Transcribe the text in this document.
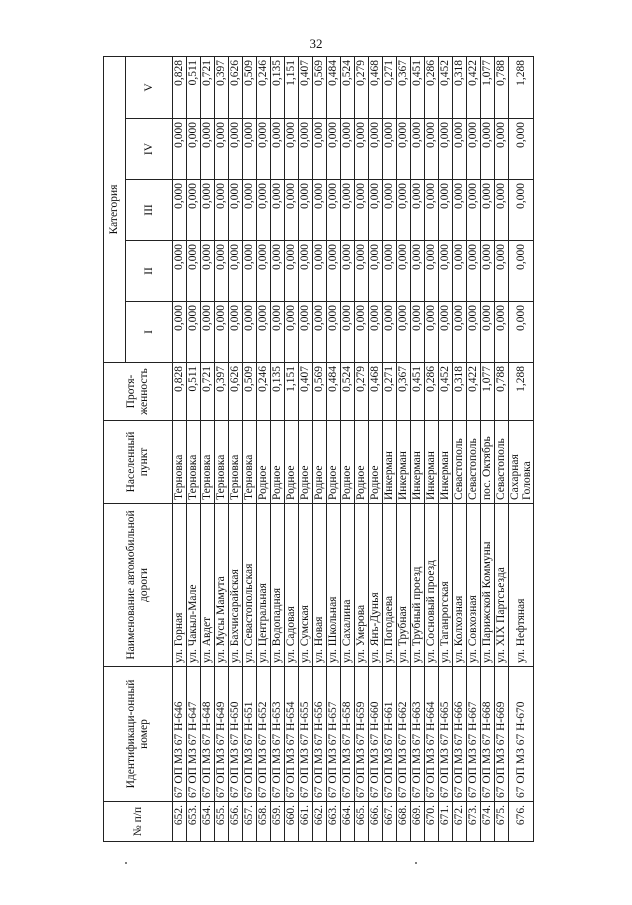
32
№ п/п	Идентификаци-онный номер	Наименование автомобильной дороги	Населенный пункт	Протя-женность	Категория				
					I	II	III	IV	V
652.	67 ОП МЗ 67 Н-646	ул. Горная	Терновка	0,828	0,000	0,000	0,000	0,000	0,828
653.	67 ОП МЗ 67 Н-647	ул. Чакыл-Мале	Терновка	0,511	0,000	0,000	0,000	0,000	0,511
654.	67 ОП МЗ 67 Н-648	ул. Авдет	Терновка	0,721	0,000	0,000	0,000	0,000	0,721
655.	67 ОП МЗ 67 Н-649	ул. Мусы Мамута	Терновка	0,397	0,000	0,000	0,000	0,000	0,397
656.	67 ОП МЗ 67 Н-650	ул. Бахчисарайская	Терновка	0,626	0,000	0,000	0,000	0,000	0,626
657.	67 ОП МЗ 67 Н-651	ул. Севастопольская	Терновка	0,509	0,000	0,000	0,000	0,000	0,509
658.	67 ОП МЗ 67 Н-652	ул. Центральная	Родное	0,246	0,000	0,000	0,000	0,000	0,246
659.	67 ОП МЗ 67 Н-653	ул. Водопадная	Родное	0,135	0,000	0,000	0,000	0,000	0,135
660.	67 ОП МЗ 67 Н-654	ул. Садовая	Родное	1,151	0,000	0,000	0,000	0,000	1,151
661.	67 ОП МЗ 67 Н-655	ул. Сумская	Родное	0,407	0,000	0,000	0,000	0,000	0,407
662.	67 ОП МЗ 67 Н-656	ул. Новая	Родное	0,569	0,000	0,000	0,000	0,000	0,569
663.	67 ОП МЗ 67 Н-657	ул. Школьная	Родное	0,484	0,000	0,000	0,000	0,000	0,484
664.	67 ОП МЗ 67 Н-658	ул. Сахалина	Родное	0,524	0,000	0,000	0,000	0,000	0,524
665.	67 ОП МЗ 67 Н-659	ул. Умерова	Родное	0,279	0,000	0,000	0,000	0,000	0,279
666.	67 ОП МЗ 67 Н-660	ул. Янъ-Дунья	Родное	0,468	0,000	0,000	0,000	0,000	0,468
667.	67 ОП МЗ 67 Н-661	ул. Погодаева	Инкерман	0,271	0,000	0,000	0,000	0,000	0,271
668.	67 ОП МЗ 67 Н-662	ул. Трубная	Инкерман	0,367	0,000	0,000	0,000	0,000	0,367
669.	67 ОП МЗ 67 Н-663	ул. Трубный проезд	Инкерман	0,451	0,000	0,000	0,000	0,000	0,451
670.	67 ОП МЗ 67 Н-664	ул. Сосновый проезд	Инкерман	0,286	0,000	0,000	0,000	0,000	0,286
671.	67 ОП МЗ 67 Н-665	ул. Таганрогская	Инкерман	0,452	0,000	0,000	0,000	0,000	0,452
672.	67 ОП МЗ 67 Н-666	ул. Колхозная	Севастополь	0,318	0,000	0,000	0,000	0,000	0,318
673.	67 ОП МЗ 67 Н-667	ул. Совхозная	Севастополь	0,422	0,000	0,000	0,000	0,000	0,422
674.	67 ОП МЗ 67 Н-668	ул. Парижской Коммуны	пос. Октябрь	1,077	0,000	0,000	0,000	0,000	1,077
675.	67 ОП МЗ 67 Н-669	ул. XIX Партсъезда	Севастополь	0,788	0,000	0,000	0,000	0,000	0,788
676.	67 ОП МЗ 67 Н-670	ул. Нефтяная	Сахарная Головка	1,288	0,000	0,000	0,000	0,000	1,288
